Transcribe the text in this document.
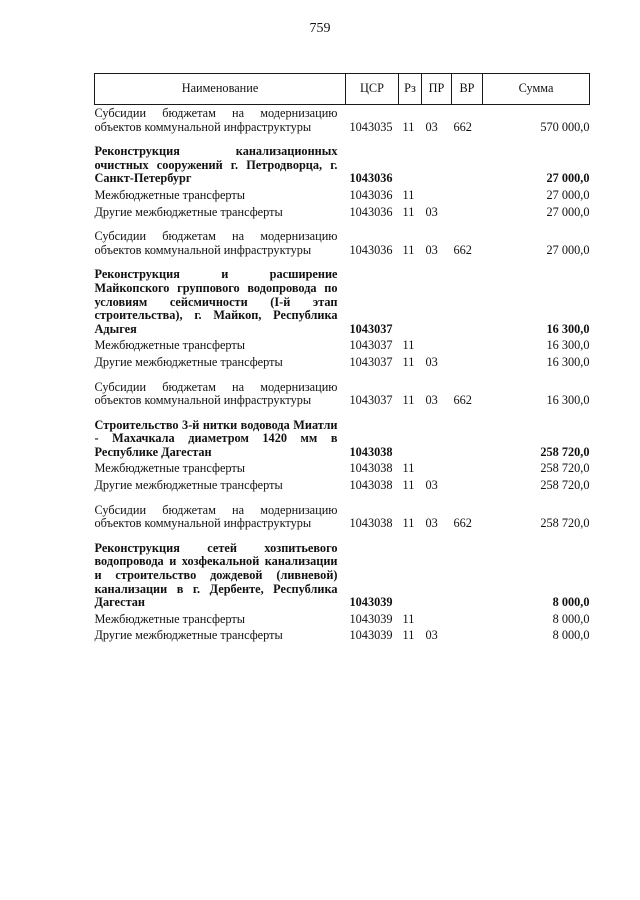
759
Наименование	ЦСР	Рз	ПР	ВР	Сумма
Субсидии бюджетам на модернизацию объектов коммунальной инфраструктуры	1043035	11	03	662	570 000,0
Реконструкция канализационных очистных сооружений г. Петродворца, г. Санкт-Петербург	1043036				27 000,0
Межбюджетные трансферты	1043036	11			27 000,0
Другие межбюджетные трансферты	1043036	11	03		27 000,0
Субсидии бюджетам на модернизацию объектов коммунальной инфраструктуры	1043036	11	03	662	27 000,0
Реконструкция и расширение Майкопского группового водопровода по условиям сейсмичности (I-й этап строительства), г. Майкоп, Республика Адыгея	1043037				16 300,0
Межбюджетные трансферты	1043037	11			16 300,0
Другие межбюджетные трансферты	1043037	11	03		16 300,0
Субсидии бюджетам на модернизацию объектов коммунальной инфраструктуры	1043037	11	03	662	16 300,0
Строительство 3-й нитки водовода Миатли - Махачкала диаметром 1420 мм в Республике Дагестан	1043038				258 720,0
Межбюджетные трансферты	1043038	11			258 720,0
Другие межбюджетные трансферты	1043038	11	03		258 720,0
Субсидии бюджетам на модернизацию объектов коммунальной инфраструктуры	1043038	11	03	662	258 720,0
Реконструкция сетей хозпитьевого водопровода и хозфекальной канализации и строительство дождевой (ливневой) канализации в г. Дербенте, Республика Дагестан	1043039				8 000,0
Межбюджетные трансферты	1043039	11			8 000,0
Другие межбюджетные трансферты	1043039	11	03		8 000,0
